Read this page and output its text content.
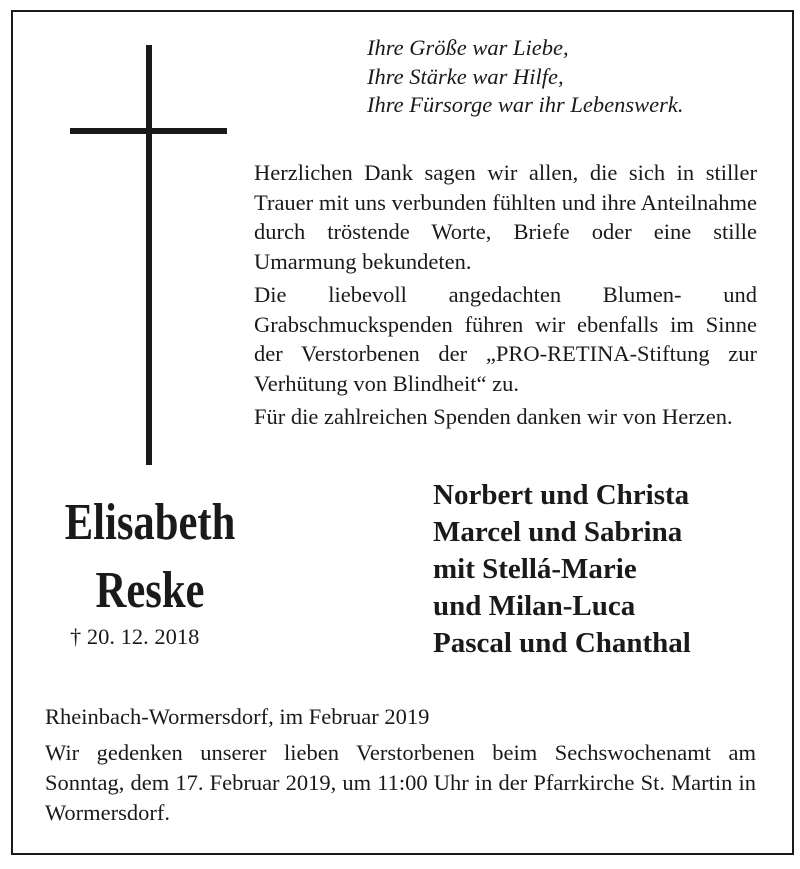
Ihre Größe war Liebe,
Ihre Stärke war Hilfe,
Ihre Fürsorge war ihr Lebenswerk.

Herzlichen Dank sagen wir allen, die sich in stiller Trauer mit uns verbunden fühlten und ihre Anteilnahme durch tröstende Worte, Briefe oder eine stille Umarmung bekundeten.

Die liebevoll angedachten Blumen- und Grabschmuckspenden führen wir ebenfalls im Sinne der Verstorbenen der „PRO-RETINA-Stiftung zur Verhütung von Blindheit“ zu.

Für die zahlreichen Spenden danken wir von Herzen.

Elisabeth
Reske
† 20. 12. 2018
Norbert und Christa
Marcel und Sabrina
mit Stellá-Marie
und Milan-Luca
Pascal und Chanthal
Rheinbach-Wormersdorf, im Februar 2019
Wir gedenken unserer lieben Verstorbenen beim Sechswochenamt am Sonntag, dem 17. Februar 2019, um 11:00 Uhr in der Pfarrkirche St. Martin in Wormersdorf.
